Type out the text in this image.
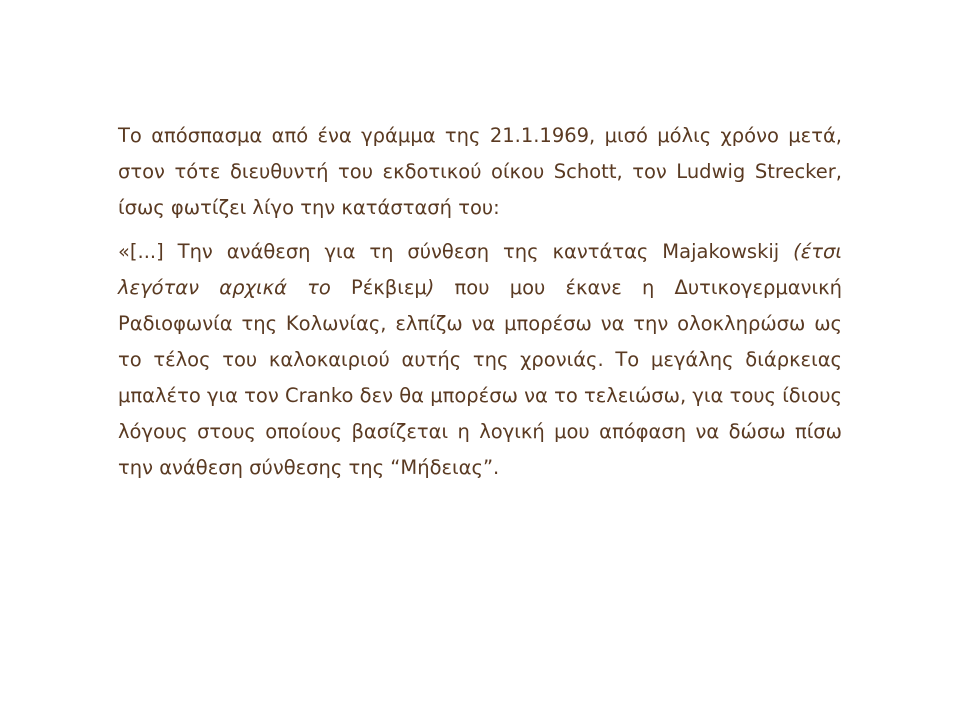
Το απόσπασμα από ένα γράμμα της 21.1.1969, μισό μόλις χρόνο μετά, στον τότε διευθυντή του εκδοτικού οίκου Schott, τον Ludwig Strecker, ίσως φωτίζει λίγο την κατάστασή του:

«[...] Την ανάθεση για τη σύνθεση της καντάτας Majakowskij (έτσι λεγόταν αρχικά το Ρέκβιεμ) που μου έκανε η Δυτικογερμανική Ραδιοφωνία της Κολωνίας, ελπίζω να μπορέσω να την ολοκληρώσω ως το τέλος του καλοκαιριού αυτής της χρονιάς. Το μεγάλης διάρκειας μπαλέτο για τον Cranko δεν θα μπορέσω να το τελειώσω, για τους ίδιους λόγους στους οποίους βασίζεται η λογική μου απόφαση να δώσω πίσω την ανάθεση σύνθεσης της “Μήδειας”.
